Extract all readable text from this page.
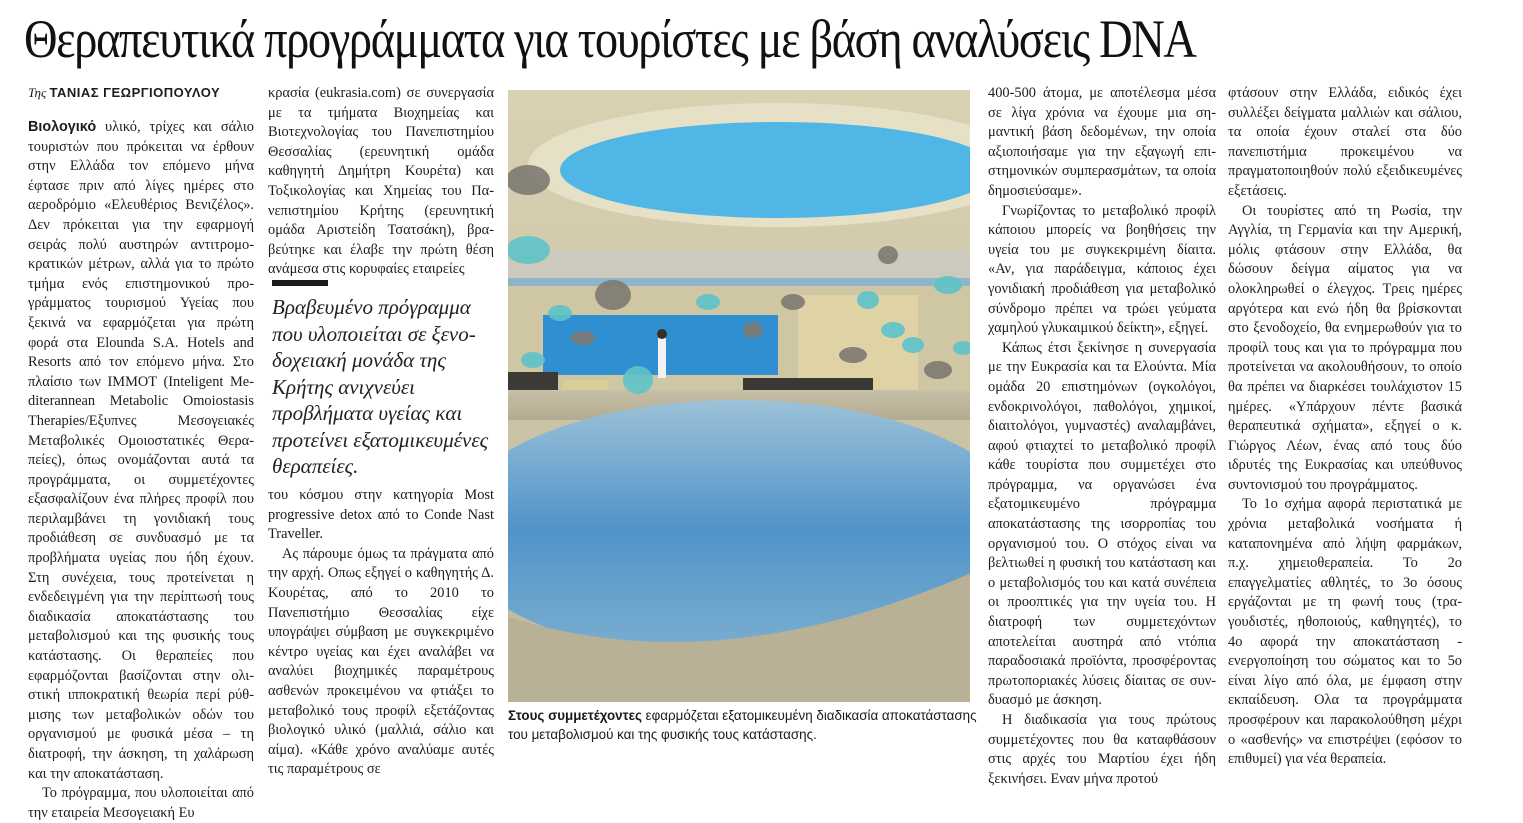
Θεραπευτικά προγράμματα για τουρίστες με βάση αναλύσεις DNA
Της ΤΑΝΙΑΣ ΓΕΩΡΓΙΟΠΟΥΛΟΥ

Βιολογικό υλικό, τρίχες και σάλιο τουριστών που πρόκειται να έρθουν στην Ελλάδα τον επόμενο μήνα έφτασε πριν από λίγες ημέρες στο αεροδρόμιο «Ελευθέριος Βενιζέλος». Δεν πρόκειται για την εφαρμογή σειράς πολύ αυστηρών αντιτρομοκρατικών μέτρων, αλλά για το πρώτο τμήμα ενός επιστημονικού προγράμματος τουρισμού Υγείας που ξεκινά να εφαρμόζεται για πρώτη φορά στα Elounda S.A. Hotels and Resorts από τον επόμενο μήνα. Στο πλαίσιο των IMMOT (Inteligent Mediterannean Metabolic Omoiostasis Therapies/Εξυπνες Μεσογειακές Μεταβολικές Ομοιοστατικές Θεραπείες), όπως ονομάζονται αυτά τα προγράμματα, οι συμμετέχοντες εξασφαλίζουν ένα πλήρες προφίλ που περιλαμβάνει τη γονιδιακή τους προδιάθεση σε συνδυασμό με τα προβλήματα υγείας που ήδη έχουν. Στη συνέχεια, τους προτείνεται η ενδεδειγμένη για την περίπτωσή τους διαδικασία αποκατάστασης του μεταβολισμού και της φυσικής τους κατάστασης. Οι θεραπείες που εφαρμόζονται βασίζονται στην ολιστική ιπποκρατική θεωρία περί ρύθμισης των μεταβολικών οδών του οργανισμού με φυσικά μέσα – τη διατροφή, την άσκηση, τη χαλάρωση και την αποκατάσταση.

Το πρόγραμμα, που υλοποιείται από την εταιρεία Μεσογειακή Ευ

κρασία (eukrasia.com) σε συνεργασία με τα τμήματα Βιοχημείας και Βιοτεχνολογίας του Πανεπιστημίου Θεσσαλίας (ερευνητική ομάδα καθηγητή Δημήτρη Κουρέτα) και Τοξικολογίας και Χημείας του Πανεπιστημίου Κρήτης (ερευνητική ομάδα Αριστείδη Τσατσάκη), βραβεύτηκε και έλαβε την πρώτη θέση ανάμεσα στις κορυφαίες εταιρείες

Βραβευμένο πρόγραμμα που υλοποιείται σε ξενοδοχειακή μονάδα της Κρήτης ανιχνεύει προβλήματα υγείας και προτείνει εξατομικευμένες θεραπείες.

του κόσμου στην κατηγορία Most progressive detox από το Conde Nast Traveller.

Ας πάρουμε όμως τα πράγματα από την αρχή. Οπως εξηγεί ο καθηγητής Δ. Κουρέτας, από το 2010 το Πανεπιστήμιο Θεσσαλίας είχε υπογράψει σύμβαση με συγκεκριμένο κέντρο υγείας και έχει αναλάβει να αναλύει βιοχημικές παραμέτρους ασθενών προκειμένου να φτιάξει το μεταβολικό τους προφίλ εξετάζοντας βιολογικό υλικό (μαλλιά, σάλιο και αίμα). «Κάθε χρόνο αναλύαμε αυτές τις παραμέτρους σε

Στους συμμετέχοντες εφαρμόζεται εξατομικευμένη διαδικασία αποκατάστασης του μεταβολισμού και της φυσικής τους κατάστασης.

400-500 άτομα, με αποτέλεσμα μέσα σε λίγα χρόνια να έχουμε μια σημαντική βάση δεδομένων, την οποία αξιοποιήσαμε για την εξαγωγή επιστημονικών συμπερασμάτων, τα οποία δημοσιεύσαμε».

Γνωρίζοντας το μεταβολικό προφίλ κάποιου μπορείς να βοηθήσεις την υγεία του με συγκεκριμένη δίαιτα. «Αν, για παράδειγμα, κάποιος έχει γονιδιακή προδιάθεση για μεταβολικό σύνδρομο πρέπει να τρώει γεύματα χαμηλού γλυκαιμικού δείκτη», εξηγεί.

Κάπως έτσι ξεκίνησε η συνεργασία με την Ευκρασία και τα Ελούντα. Μία ομάδα 20 επιστημόνων (ογκολόγοι, ενδοκρινολόγοι, παθολόγοι, χημικοί, διαιτολόγοι, γυμναστές) αναλαμβάνει, αφού φτιαχτεί το μεταβολικό προφίλ κάθε τουρίστα που συμμετέχει στο πρόγραμμα, να οργανώσει ένα εξατομικευμένο πρόγραμμα αποκατάστασης της ισορροπίας του οργανισμού του. Ο στόχος είναι να βελτιωθεί η φυσική του κατάσταση και ο μεταβολισμός του και κατά συνέπεια οι προοπτικές για την υγεία του. Η διατροφή των συμμετεχόντων αποτελείται αυστηρά από ντόπια παραδοσιακά προϊόντα, προσφέροντας πρωτοποριακές λύσεις δίαιτας σε συνδυασμό με άσκηση.

Η διαδικασία για τους πρώτους συμμετέχοντες που θα καταφθάσουν στις αρχές του Μαρτίου έχει ήδη ξεκινήσει. Εναν μήνα προτού

φτάσουν στην Ελλάδα, ειδικός έχει συλλέξει δείγματα μαλλιών και σάλιου, τα οποία έχουν σταλεί στα δύο πανεπιστήμια προκειμένου να πραγματοποιηθούν πολύ εξειδικευμένες εξετάσεις.

Οι τουρίστες από τη Ρωσία, την Αγγλία, τη Γερμανία και την Αμερική, μόλις φτάσουν στην Ελλάδα, θα δώσουν δείγμα αίματος για να ολοκληρωθεί ο έλεγχος. Τρεις ημέρες αργότερα και ενώ ήδη θα βρίσκονται στο ξενοδοχείο, θα ενημερωθούν για το προφίλ τους και για το πρόγραμμα που προτείνεται να ακολουθήσουν, το οποίο θα πρέπει να διαρκέσει τουλάχιστον 15 ημέρες. «Υπάρχουν πέντε βασικά θεραπευτικά σχήματα», εξηγεί ο κ. Γιώργος Λέων, ένας από τους δύο ιδρυτές της Ευκρασίας και υπεύθυνος συντονισμού του προγράμματος.

Το 1ο σχήμα αφορά περιστατικά με χρόνια μεταβολικά νοσήματα ή καταπονημένα από λήψη φαρμάκων, π.χ. χημειοθεραπεία. Το 2ο επαγγελματίες αθλητές, το 3ο όσους εργάζονται με τη φωνή τους (τραγουδιστές, ηθοποιούς, καθηγητές), το 4ο αφορά την αποκατάσταση - ενεργοποίηση του σώματος και το 5ο είναι λίγο από όλα, με έμφαση στην εκπαίδευση. Ολα τα προγράμματα προσφέρουν και παρακολούθηση μέχρι ο «ασθενής» να επιστρέψει (εφόσον το επιθυμεί) για νέα θεραπεία.
